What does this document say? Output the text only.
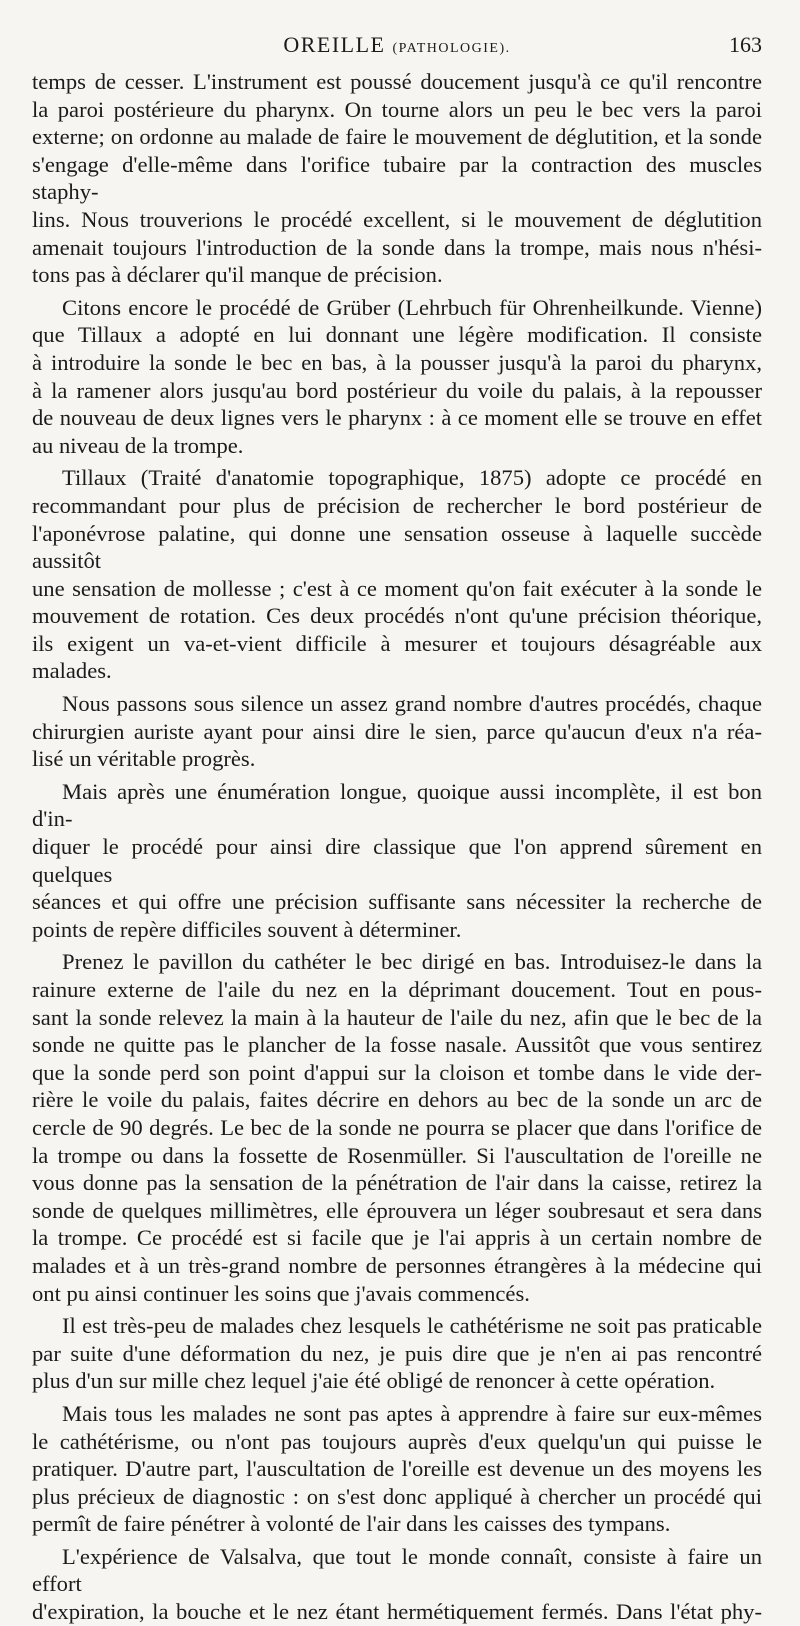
OREILLE (PATHOLOGIE).	163
temps de cesser. L'instrument est poussé doucement jusqu'à ce qu'il rencontre
la paroi postérieure du pharynx. On tourne alors un peu le bec vers la paroi
externe; on ordonne au malade de faire le mouvement de déglutition, et la sonde
s'engage d'elle-même dans l'orifice tubaire par la contraction des muscles staphy-
lins. Nous trouverions le procédé excellent, si le mouvement de déglutition
amenait toujours l'introduction de la sonde dans la trompe, mais nous n'hési-
tons pas à déclarer qu'il manque de précision.
Citons encore le procédé de Grüber (Lehrbuch für Ohrenheilkunde. Vienne)
que Tillaux a adopté en lui donnant une légère modification. Il consiste
à introduire la sonde le bec en bas, à la pousser jusqu'à la paroi du pharynx,
à la ramener alors jusqu'au bord postérieur du voile du palais, à la repousser
de nouveau de deux lignes vers le pharynx : à ce moment elle se trouve en effet
au niveau de la trompe.
Tillaux (Traité d'anatomie topographique, 1875) adopte ce procédé en
recommandant pour plus de précision de rechercher le bord postérieur de
l'aponévrose palatine, qui donne une sensation osseuse à laquelle succède aussitôt
une sensation de mollesse ; c'est à ce moment qu'on fait exécuter à la sonde le
mouvement de rotation. Ces deux procédés n'ont qu'une précision théorique,
ils exigent un va-et-vient difficile à mesurer et toujours désagréable aux malades.
Nous passons sous silence un assez grand nombre d'autres procédés, chaque
chirurgien auriste ayant pour ainsi dire le sien, parce qu'aucun d'eux n'a réa-
lisé un véritable progrès.
Mais après une énumération longue, quoique aussi incomplète, il est bon d'in-
diquer le procédé pour ainsi dire classique que l'on apprend sûrement en quelques
séances et qui offre une précision suffisante sans nécessiter la recherche de
points de repère difficiles souvent à déterminer.
Prenez le pavillon du cathéter le bec dirigé en bas. Introduisez-le dans la
rainure externe de l'aile du nez en la déprimant doucement. Tout en pous-
sant la sonde relevez la main à la hauteur de l'aile du nez, afin que le bec de la
sonde ne quitte pas le plancher de la fosse nasale. Aussitôt que vous sentirez
que la sonde perd son point d'appui sur la cloison et tombe dans le vide der-
rière le voile du palais, faites décrire en dehors au bec de la sonde un arc de
cercle de 90 degrés. Le bec de la sonde ne pourra se placer que dans l'orifice de
la trompe ou dans la fossette de Rosenmüller. Si l'auscultation de l'oreille ne
vous donne pas la sensation de la pénétration de l'air dans la caisse, retirez la
sonde de quelques millimètres, elle éprouvera un léger soubresaut et sera dans
la trompe. Ce procédé est si facile que je l'ai appris à un certain nombre de
malades et à un très-grand nombre de personnes étrangères à la médecine qui
ont pu ainsi continuer les soins que j'avais commencés.
Il est très-peu de malades chez lesquels le cathétérisme ne soit pas praticable
par suite d'une déformation du nez, je puis dire que je n'en ai pas rencontré
plus d'un sur mille chez lequel j'aie été obligé de renoncer à cette opération.
Mais tous les malades ne sont pas aptes à apprendre à faire sur eux-mêmes
le cathétérisme, ou n'ont pas toujours auprès d'eux quelqu'un qui puisse le
pratiquer. D'autre part, l'auscultation de l'oreille est devenue un des moyens les
plus précieux de diagnostic : on s'est donc appliqué à chercher un procédé qui
permît de faire pénétrer à volonté de l'air dans les caisses des tympans.
L'expérience de Valsalva, que tout le monde connaît, consiste à faire un effort
d'expiration, la bouche et le nez étant hermétiquement fermés. Dans l'état phy-
